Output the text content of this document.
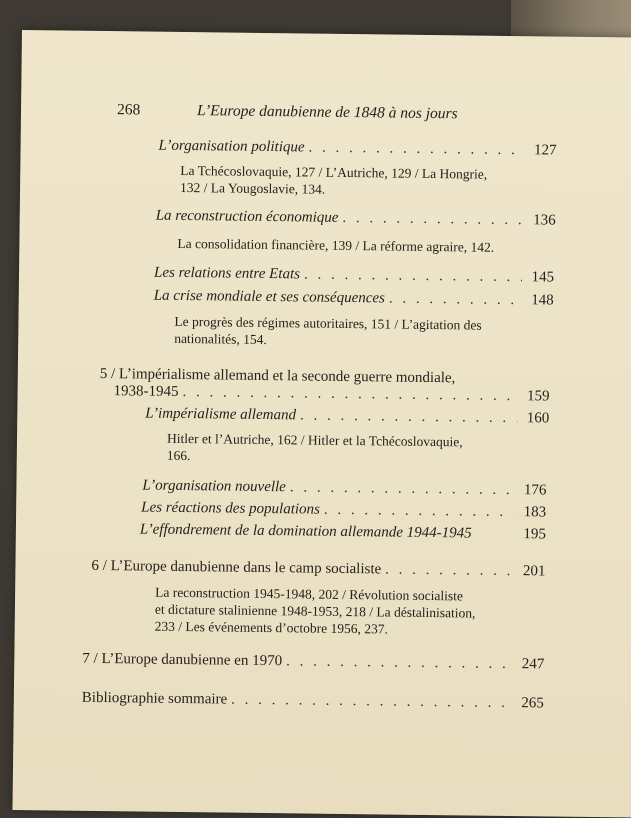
268	L’Europe danubienne de 1848 à nos jours
L’organisation politique . . .	127
La Tchécoslovaquie, 127 / L’Autriche, 129 / La Hongrie,
132 / La Yougoslavie, 134.
La reconstruction économique . . .	136
La consolidation financière, 139 / La réforme agraire, 142.
Les relations entre Etats . . .	145
La crise mondiale et ses conséquences . . .	148
Le progrès des régimes autoritaires, 151 / L’agitation des
nationalités, 154.
5 / L’impérialisme allemand et la seconde guerre mondiale,
1938-1945 . . .	159
L’impérialisme allemand . . .	160
Hitler et l’Autriche, 162 / Hitler et la Tchécoslovaquie,
166.
L’organisation nouvelle . . .	176
Les réactions des populations . . .	183
L’effondrement de la domination allemande 1944-1945	195
6 / L’Europe danubienne dans le camp socialiste . . .	201
La reconstruction 1945-1948, 202 / Révolution socialiste
et dictature stalinienne 1948-1953, 218 / La déstalinisation,
233 / Les événements d’octobre 1956, 237.
7 / L’Europe danubienne en 1970 . . .	247
Bibliographie sommaire . . .	265
